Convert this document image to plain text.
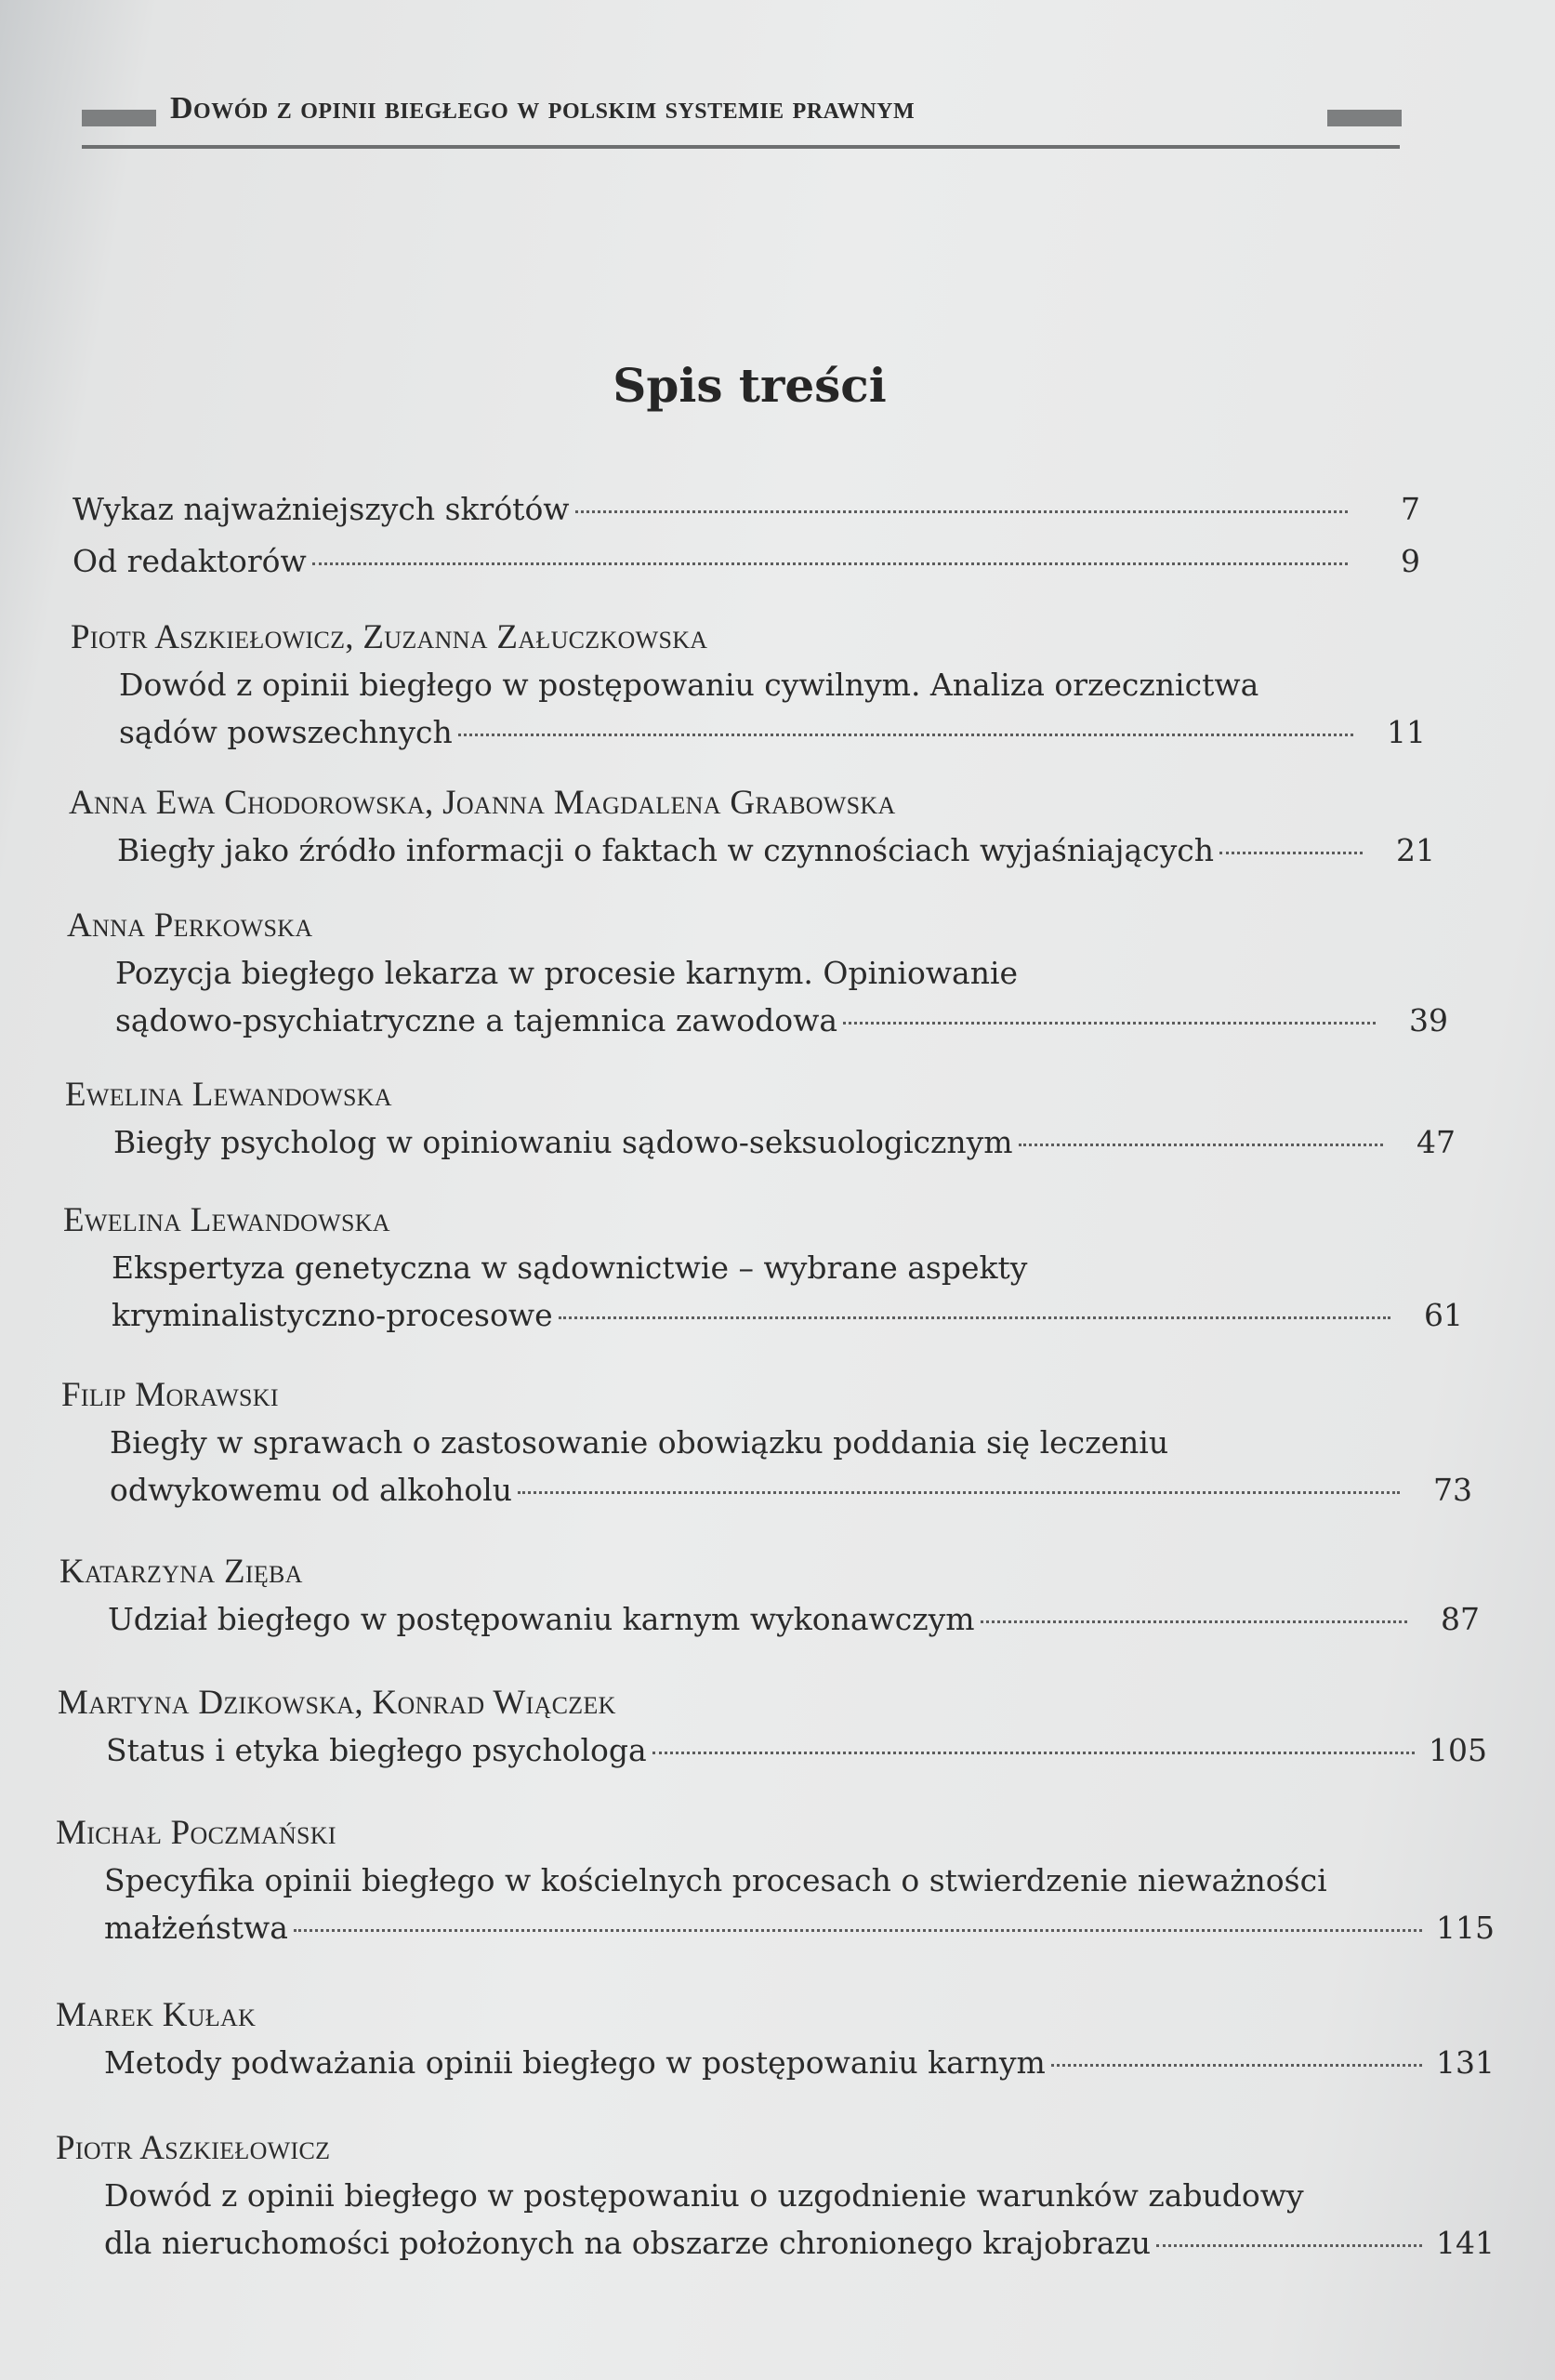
Dowód z opinii biegłego w polskim systemie prawnym
Spis treści
Wykaz najważniejszych skrótów	7
Od redaktorów	9
Piotr Aszkiełowicz, Zuzanna Załuczkowska
Dowód z opinii biegłego w postępowaniu cywilnym. Analiza orzecznictwa
sądów powszechnych	11
Anna Ewa Chodorowska, Joanna Magdalena Grabowska
Biegły jako źródło informacji o faktach w czynnościach wyjaśniających	21
Anna Perkowska
Pozycja biegłego lekarza w procesie karnym. Opiniowanie
sądowo-psychiatryczne a tajemnica zawodowa	39
Ewelina Lewandowska
Biegły psycholog w opiniowaniu sądowo-seksuologicznym	47
Ewelina Lewandowska
Ekspertyza genetyczna w sądownictwie – wybrane aspekty
kryminalistyczno-procesowe	61
Filip Morawski
Biegły w sprawach o zastosowanie obowiązku poddania się leczeniu
odwykowemu od alkoholu	73
Katarzyna Zięba
Udział biegłego w postępowaniu karnym wykonawczym	87
Martyna Dzikowska, Konrad Wiączek
Status i etyka biegłego psychologa	105
Michał Poczmański
Specyfika opinii biegłego w kościelnych procesach o stwierdzenie nieważności
małżeństwa	115
Marek Kułak
Metody podważania opinii biegłego w postępowaniu karnym	131
Piotr Aszkiełowicz
Dowód z opinii biegłego w postępowaniu o uzgodnienie warunków zabudowy
dla nieruchomości położonych na obszarze chronionego krajobrazu	141
